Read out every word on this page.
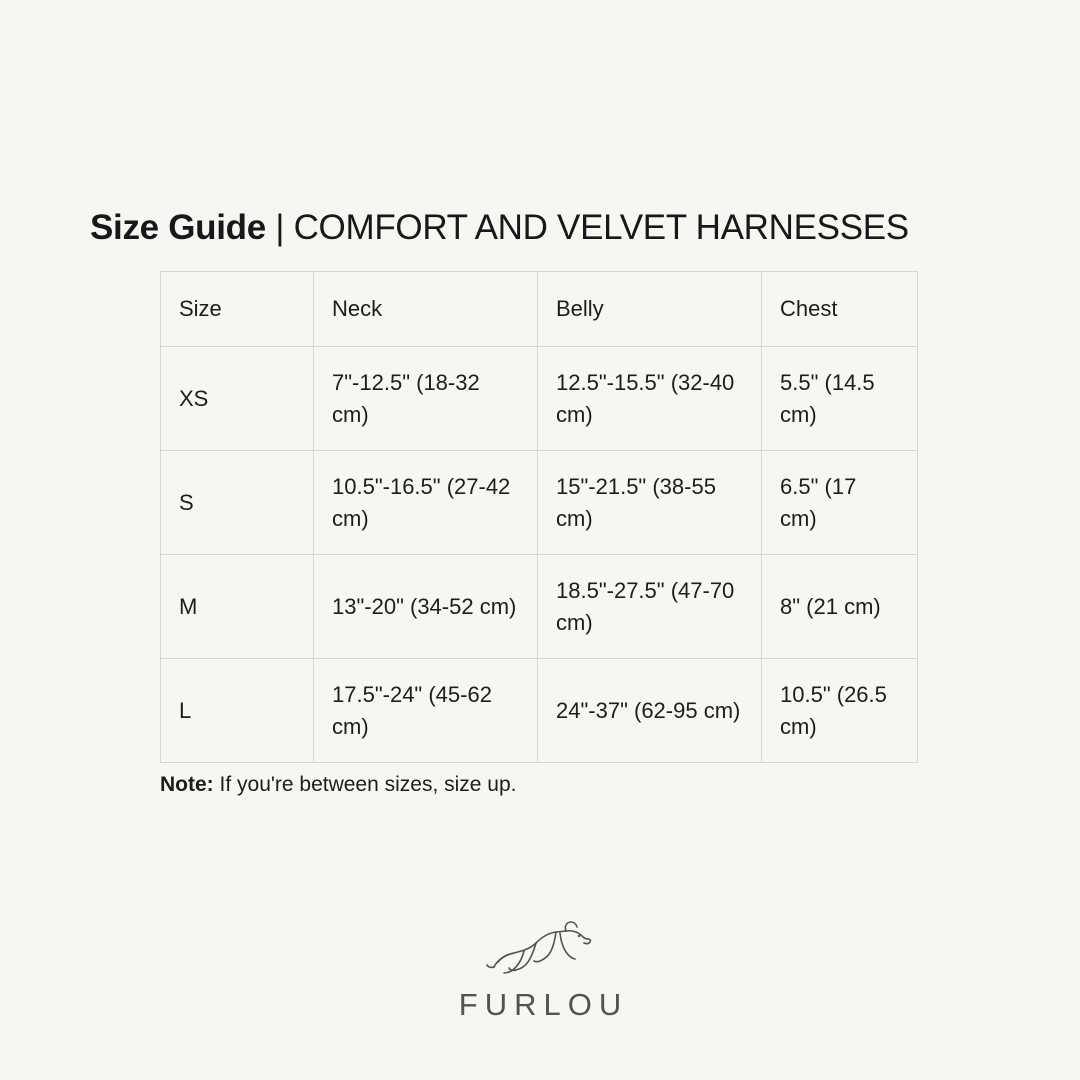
Size Guide | COMFORT AND VELVET HARNESSES
Size	Neck	Belly	Chest
XS	7"-12.5" (18-32 cm)	12.5"-15.5" (32-40 cm)	5.5" (14.5 cm)
S	10.5"-16.5" (27-42 cm)	15"-21.5" (38-55 cm)	6.5" (17 cm)
M	13"-20" (34-52 cm)	18.5"-27.5" (47-70 cm)	8" (21 cm)
L	17.5"-24" (45-62 cm)	24"-37" (62-95 cm)	10.5" (26.5 cm)
Note: If you're between sizes, size up.
FURLOU
